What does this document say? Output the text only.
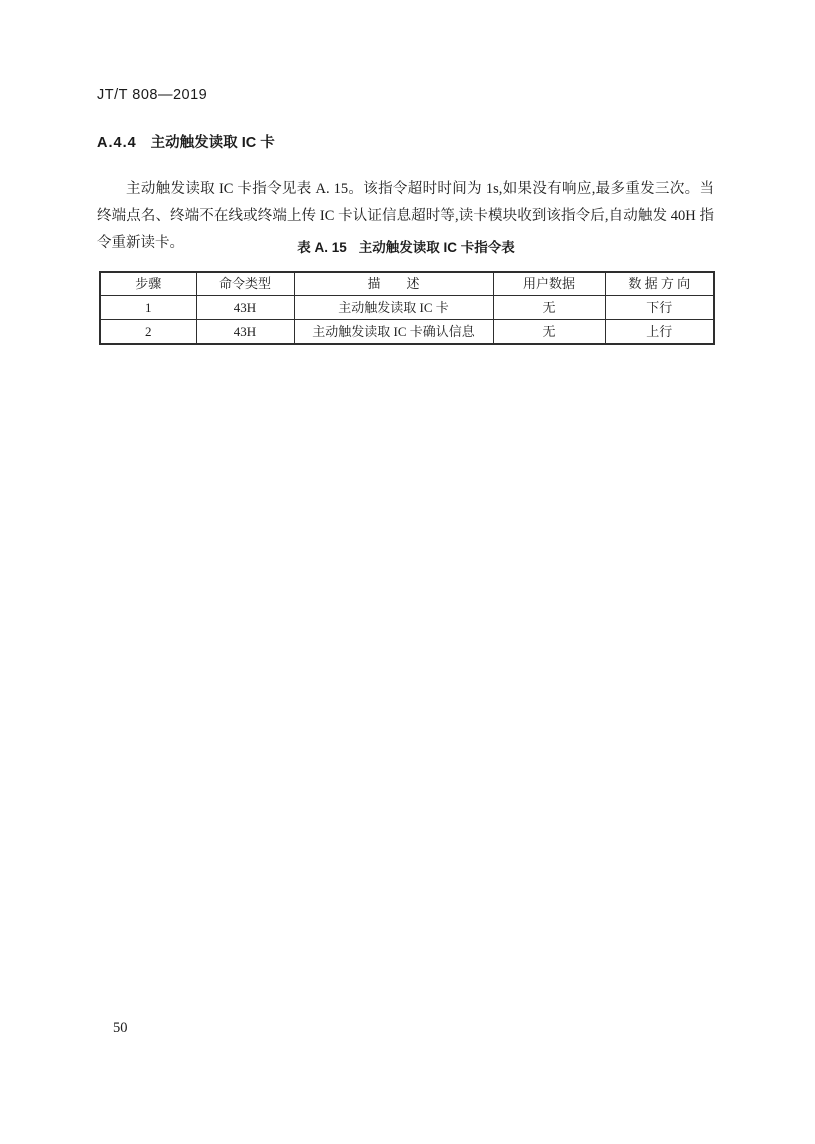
JT/T 808—2019
A.4.4 主动触发读取 IC 卡

主动触发读取 IC 卡指令见表 A. 15。该指令超时时间为 1s,如果没有响应,最多重发三次。当终端点名、终端不在线或终端上传 IC 卡认证信息超时等,读卡模块收到该指令后,自动触发 40H 指令重新读卡。	表 A. 15 主动触发读取 IC 卡指令表
步骤	命令类型	描　　述	用户数据	数 据 方 向
1	43H	主动触发读取 IC 卡	无	下行
2	43H	主动触发读取 IC 卡确认信息	无	上行
50
